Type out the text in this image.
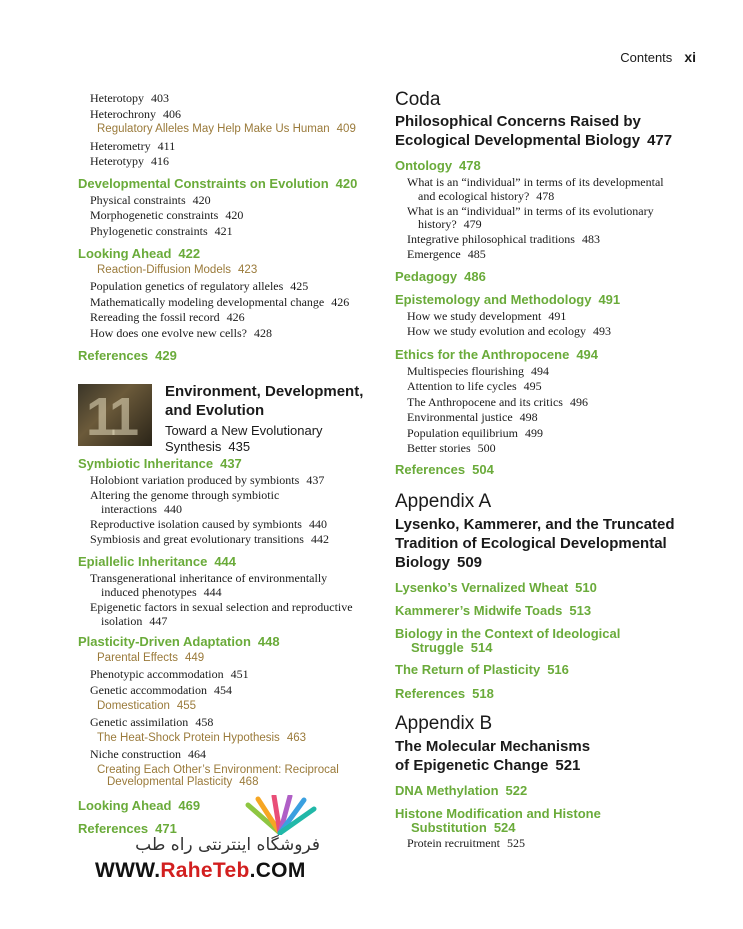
Contents xi
Heterotopy 403
Heterochrony 406
Regulatory Alleles May Help Make Us Human 409
Heterometry 411
Heterotypy 416
Developmental Constraints on Evolution 420
Physical constraints 420
Morphogenetic constraints 420
Phylogenetic constraints 421
Looking Ahead 422
Reaction-Diffusion Models 423
Population genetics of regulatory alleles 425
Mathematically modeling developmental change 426
Rereading the fossil record 426
How does one evolve new cells? 428
References 429
11 Environment, Development,
and Evolution
Toward a New Evolutionary
Synthesis 435
Symbiotic Inheritance 437
Holobiont variation produced by symbionts 437
Altering the genome through symbiotic
interactions 440
Reproductive isolation caused by symbionts 440
Symbiosis and great evolutionary transitions 442
Epiallelic Inheritance 444
Transgenerational inheritance of environmentally
induced phenotypes 444
Epigenetic factors in sexual selection and reproductive
isolation 447
Plasticity-Driven Adaptation 448
Parental Effects 449
Phenotypic accommodation 451
Genetic accommodation 454
Domestication 455
Genetic assimilation 458
The Heat-Shock Protein Hypothesis 463
Niche construction 464
Creating Each Other’s Environment: Reciprocal
Developmental Plasticity 468
Looking Ahead 469
References 471
Coda
Philosophical Concerns Raised by
Ecological Developmental Biology 477
Ontology 478
What is an “individual” in terms of its developmental
and ecological history? 478
What is an “individual” in terms of its evolutionary
history? 479
Integrative philosophical traditions 483
Emergence 485
Pedagogy 486
Epistemology and Methodology 491
How we study development 491
How we study evolution and ecology 493
Ethics for the Anthropocene 494
Multispecies flourishing 494
Attention to life cycles 495
The Anthropocene and its critics 496
Environmental justice 498
Population equilibrium 499
Better stories 500
References 504
Appendix A
Lysenko, Kammerer, and the Truncated
Tradition of Ecological Developmental
Biology 509
Lysenko’s Vernalized Wheat 510
Kammerer’s Midwife Toads 513
Biology in the Context of Ideological
Struggle 514
The Return of Plasticity 516
References 518
Appendix B
The Molecular Mechanisms
of Epigenetic Change 521
DNA Methylation 522
Histone Modification and Histone
Substitution 524
Protein recruitment 525
فروشگاه اینترنتی راه طب
WWW.RaheTeb.COM
